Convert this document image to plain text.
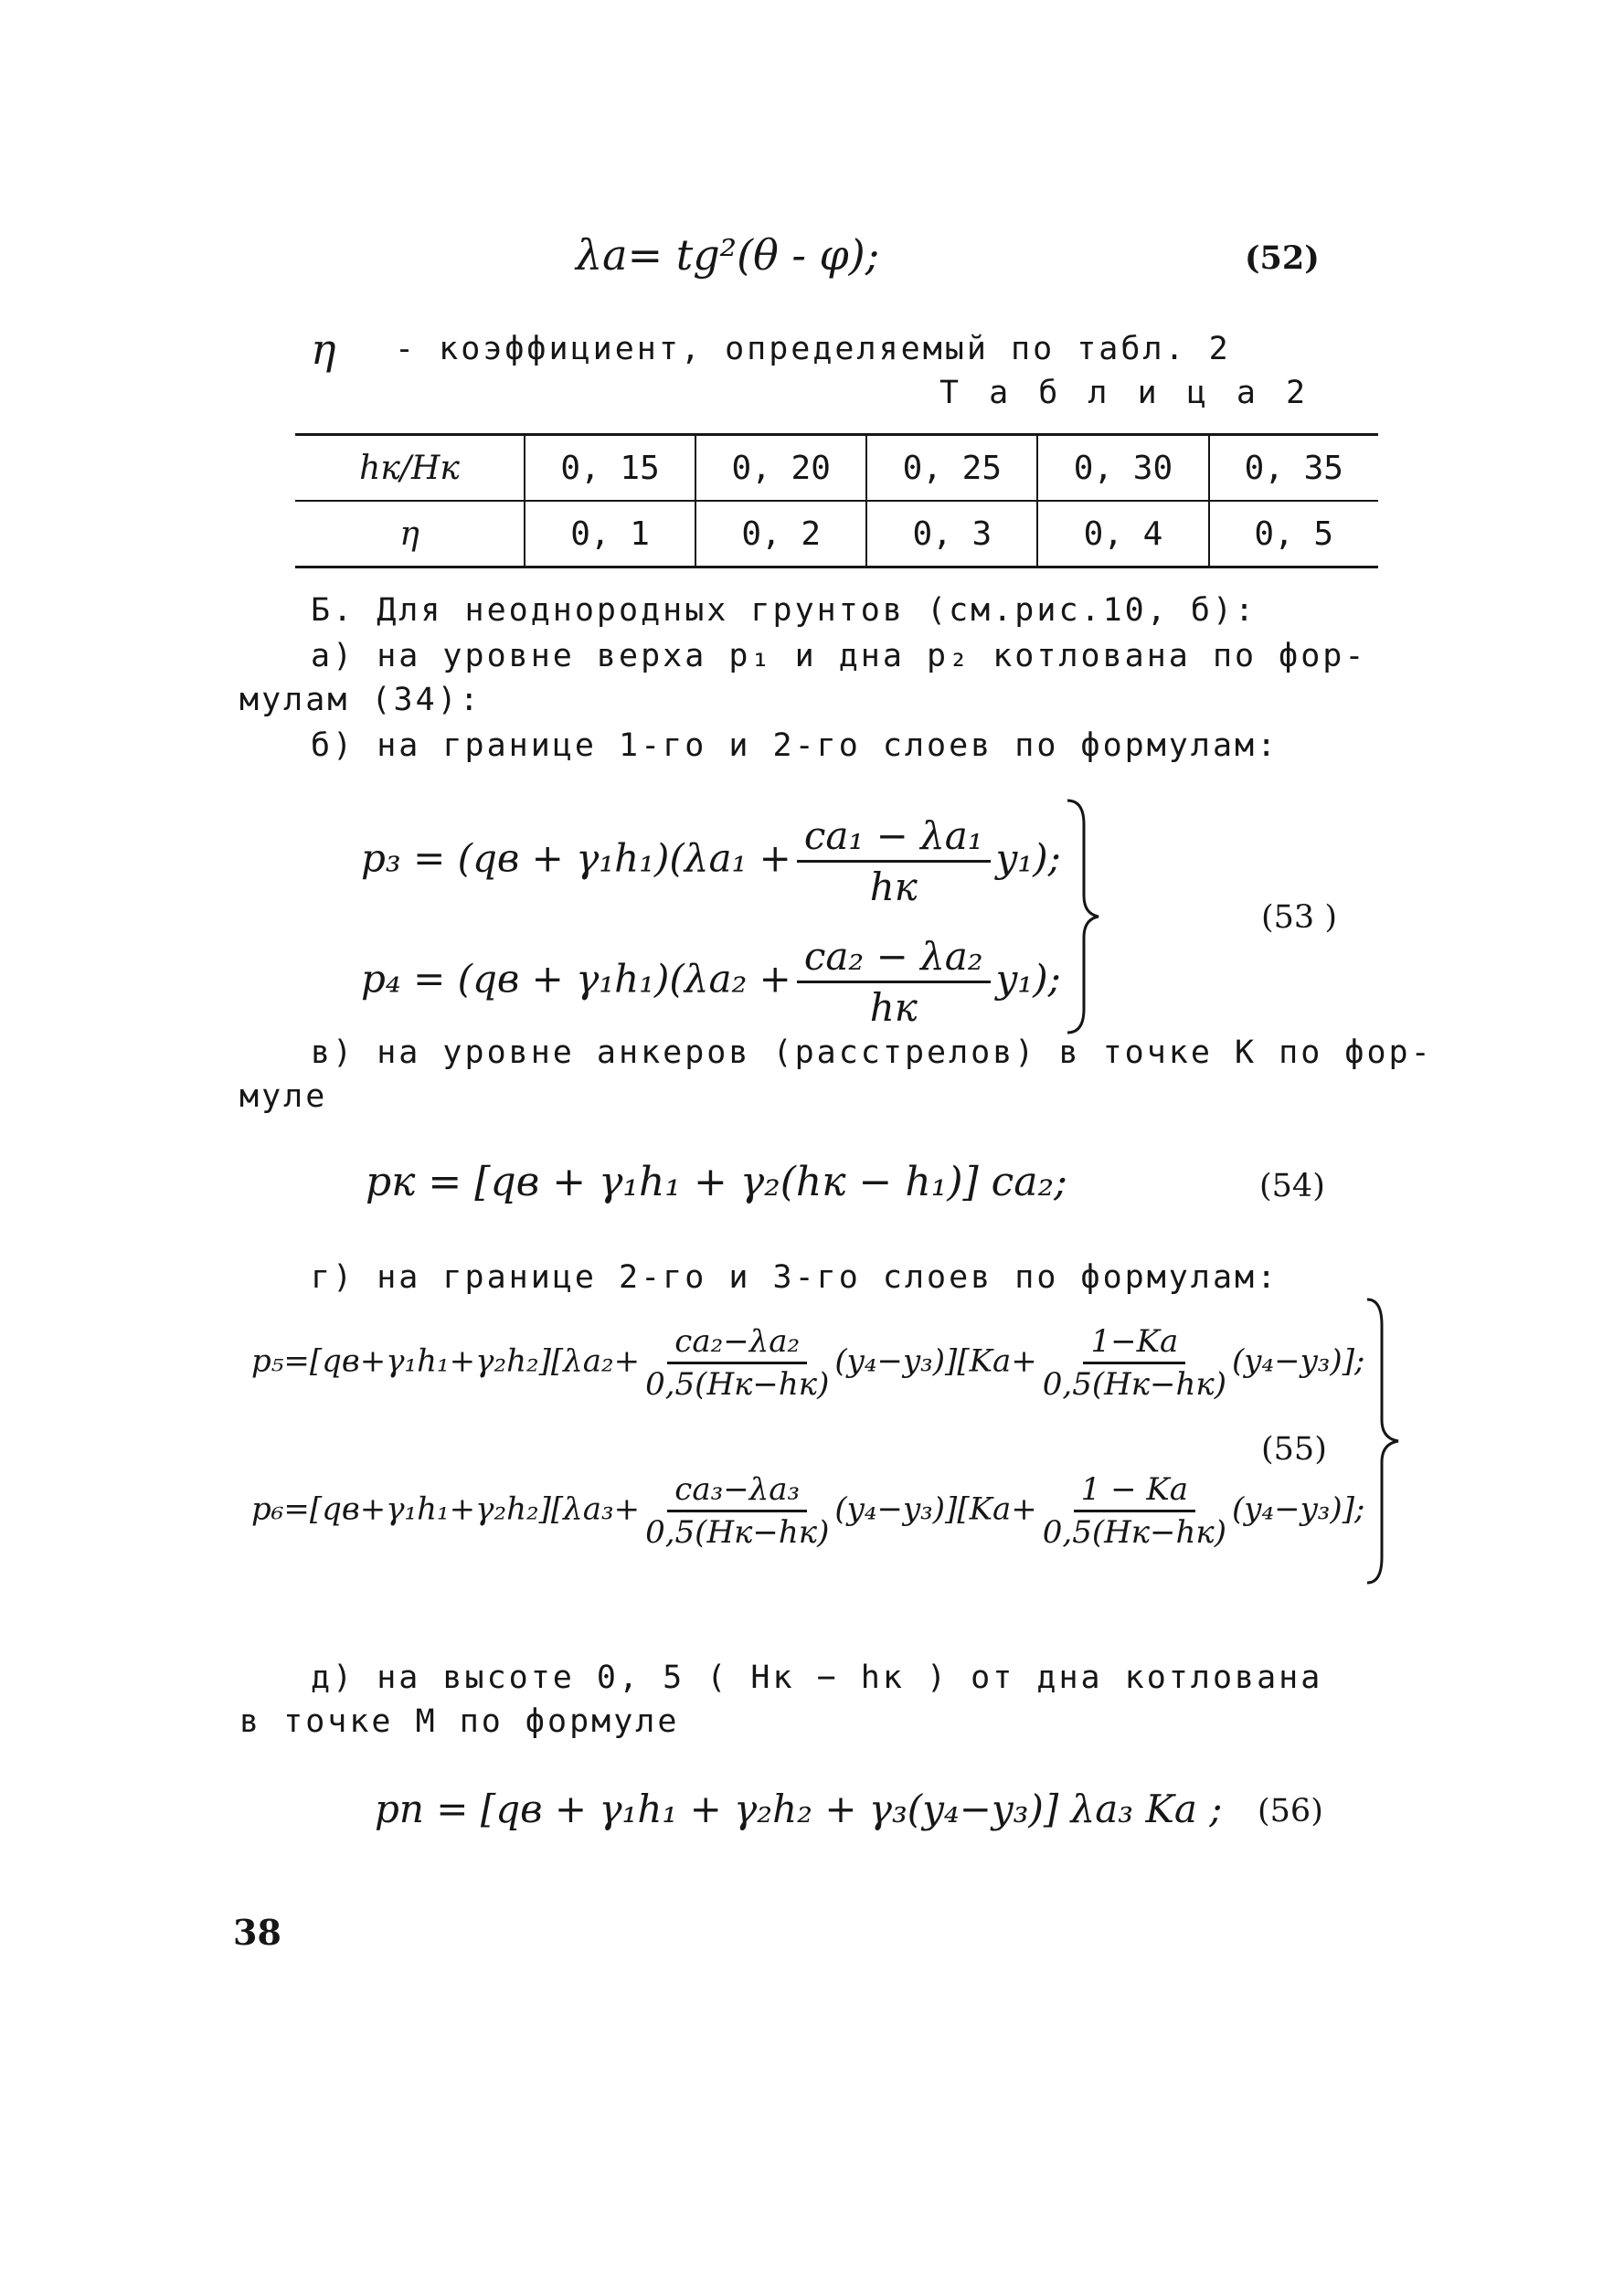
λa= tg²(θ - φ);	(52)
η - коэффициент, определяемый по табл. 2
Т а б л и ц а 2
hк/Hк	0, 15	0, 20	0, 25	0, 30	0, 35
η	0, 1	0, 2	0, 3	0, 4	0, 5
Б. Для неоднородных грунтов (см.рис.10, б):
а) на уровне верха p₁ и дна p₂ котлована по фор-
мулам (34):
б) на границе 1-го и 2-го слоев по формулам:
$p_3 = (qв + \gamma_1h_1)(\lambda a_1 + \frac{\text{ca₁ − λa₁}}{hк} y_1)$;
$p_4 = (qв + \gamma_1h_1)(\lambda a_2 + \frac{\text{ca₂ − λa₂}}{hк} y_1)$;
(53 )
в) на уровне анкеров (расстрелов) в точке К по фор-
муле
pк = [qв + γ₁h₁ + γ₂(hк − h₁)] ca₂;	(54)
г) на границе 2-го и 3-го слоев по формулам:
$p_5=[qв+\gamma_1h_1+\gamma_2h_2][\lambda a_2+ \frac{\text{ca₂−λa₂}}{0,5(Hк-hк)} (y_4-y_3)][Ka+ \frac{1-Ka}{0,5(Hк-hк)} (y_4-y_3)]$;
(55)
$p_6=[qв+\gamma_1h_1+\gamma_2h_2][\lambda a_3+ \frac{\text{ca₃−λa₃}}{0,5(Hк-hк)} (y_4-y_3)][Ka+ \frac{1 - Ka}{0,5(Hк-hк)} (y_4-y_3)]$;
д) на высоте 0, 5 ( Hк − hк ) от дна котлована
в точке М по формуле
pп = [qв + γ₁h₁ + γ₂h₂ + γ₃(y₄−y₃)] λa₃ Ka ; (56)
38
